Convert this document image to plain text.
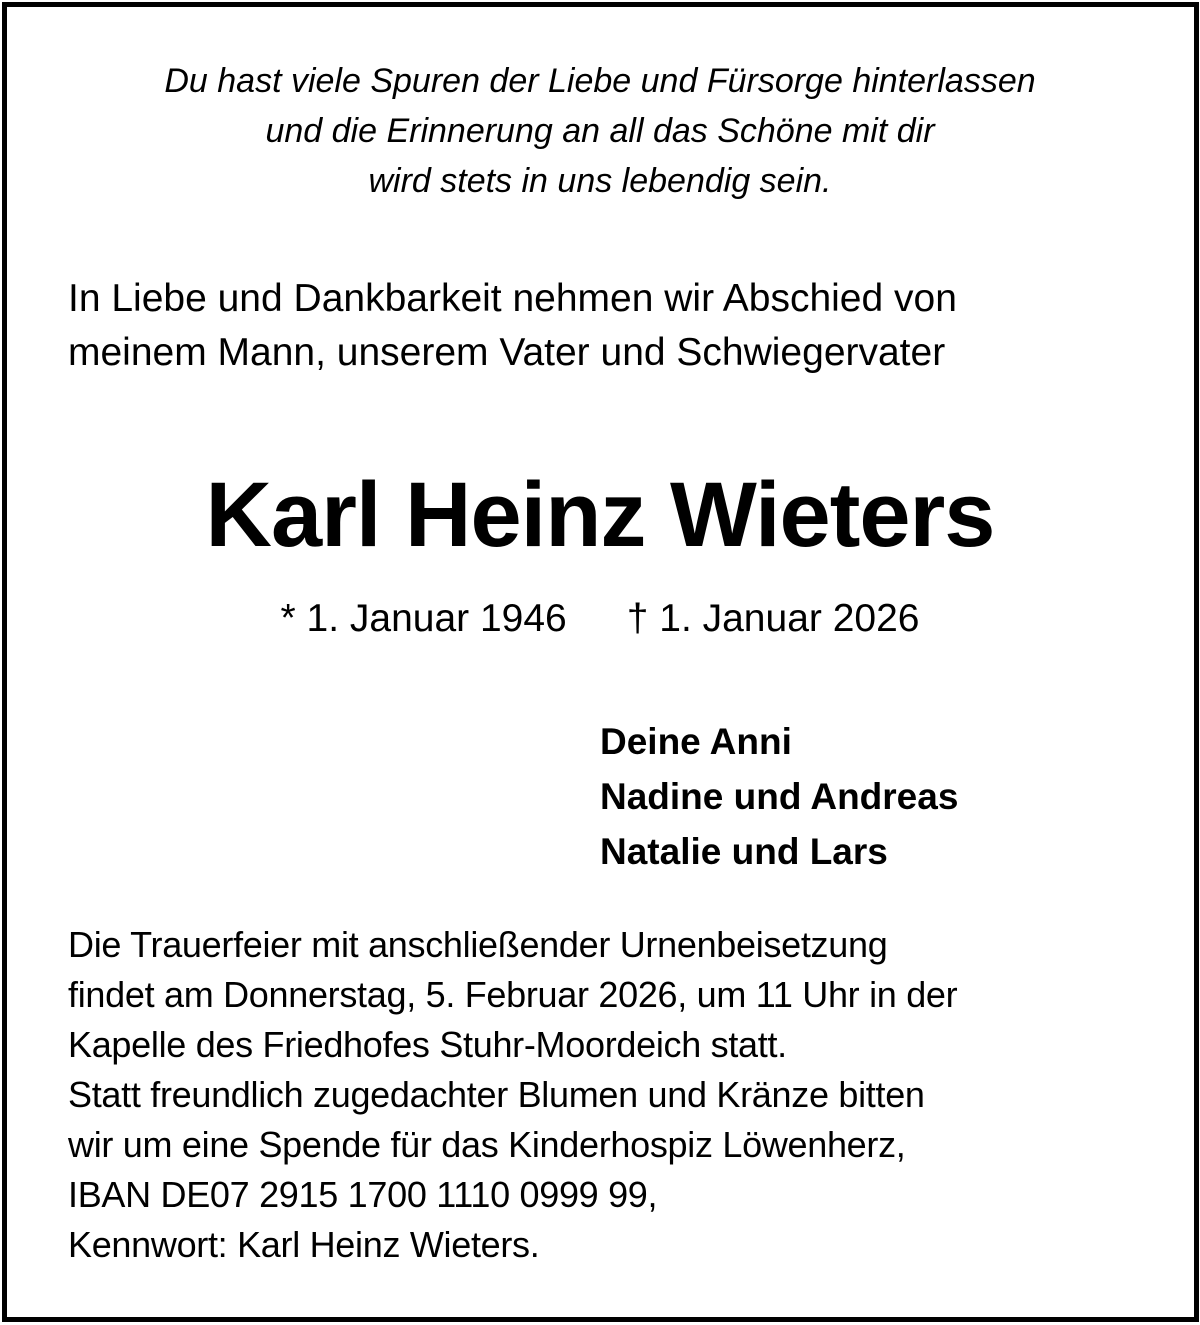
Du hast viele Spuren der Liebe und Fürsorge hinterlassen
und die Erinnerung an all das Schöne mit dir
wird stets in uns lebendig sein.
In Liebe und Dankbarkeit nehmen wir Abschied von
meinem Mann, unserem Vater und Schwiegervater
Karl Heinz Wieters
* 1. Januar 1946 † 1. Januar 2026
Deine Anni
Nadine und Andreas
Natalie und Lars
Die Trauerfeier mit anschließender Urnenbeisetzung
findet am Donnerstag, 5. Februar 2026, um 11 Uhr in der
Kapelle des Friedhofes Stuhr-Moordeich statt.
Statt freundlich zugedachter Blumen und Kränze bitten
wir um eine Spende für das Kinderhospiz Löwenherz,
IBAN DE07 2915 1700 1110 0999 99,
Kennwort: Karl Heinz Wieters.
